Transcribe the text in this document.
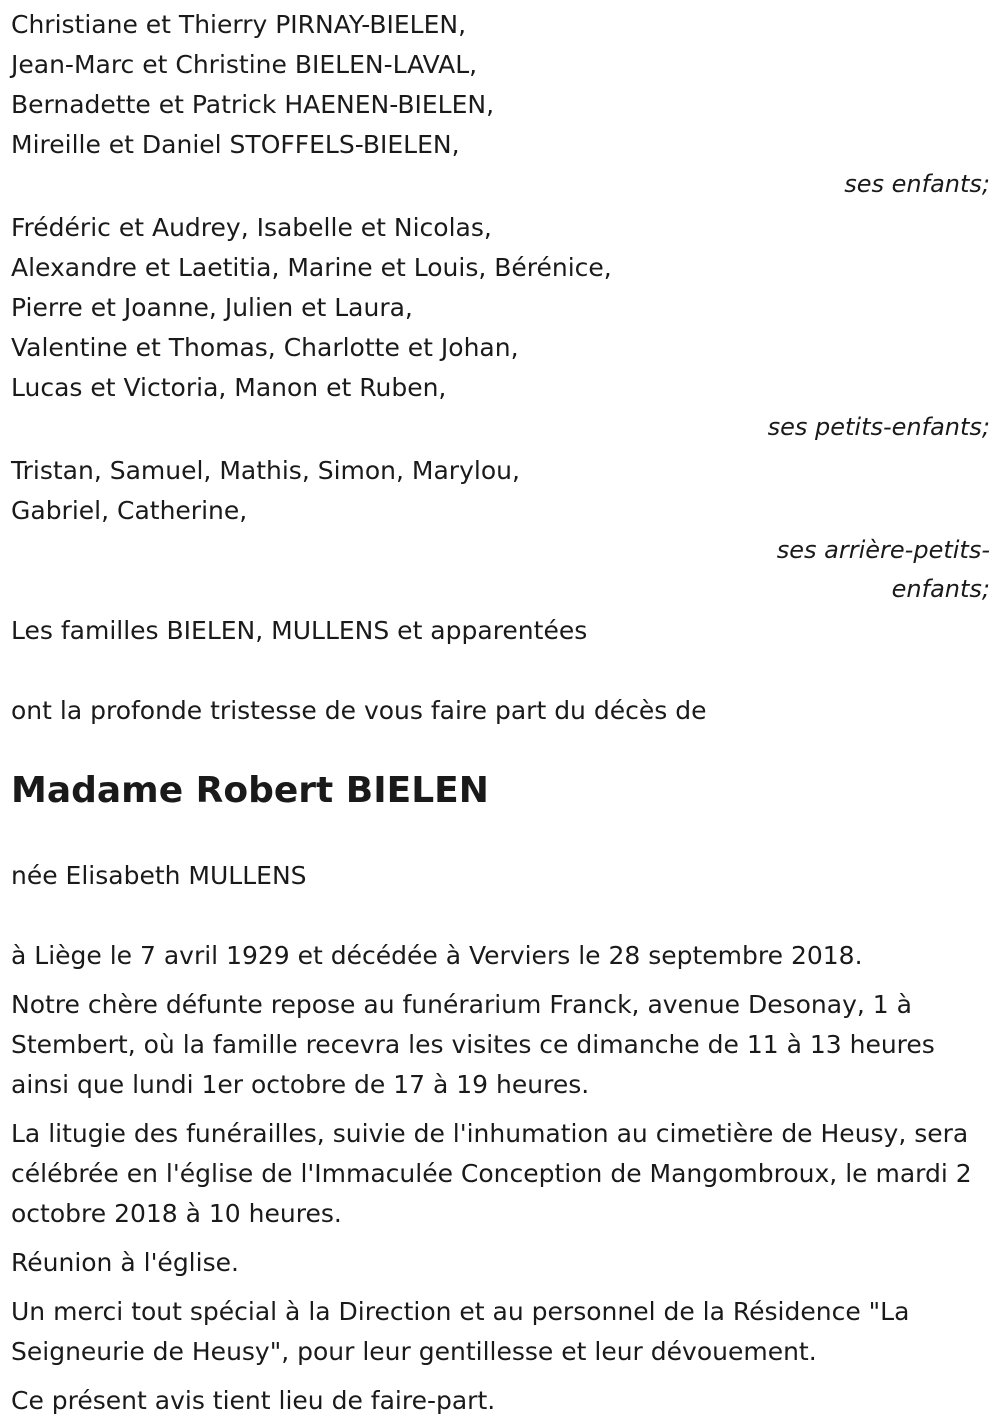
Christiane et Thierry PIRNAY-BIELEN,
Jean-Marc et Christine BIELEN-LAVAL,
Bernadette et Patrick HAENEN-BIELEN,
Mireille et Daniel STOFFELS-BIELEN,
ses enfants;
Frédéric et Audrey, Isabelle et Nicolas,
Alexandre et Laetitia, Marine et Louis, Bérénice,
Pierre et Joanne, Julien et Laura,
Valentine et Thomas, Charlotte et Johan,
Lucas et Victoria, Manon et Ruben,
ses petits-enfants;
Tristan, Samuel, Mathis, Simon, Marylou,
Gabriel, Catherine,
ses arrière-petits-
enfants;
Les familles BIELEN, MULLENS et apparentées
ont la profonde tristesse de vous faire part du décès de
Madame Robert BIELEN
née Elisabeth MULLENS
à Liège le 7 avril 1929 et décédée à Verviers le 28 septembre 2018.
Notre chère défunte repose au funérarium Franck, avenue Desonay, 1 à Stembert, où la famille recevra les visites ce dimanche de 11 à 13 heures ainsi que lundi 1er octobre de 17 à 19 heures.
La litugie des funérailles, suivie de l'inhumation au cimetière de Heusy, sera célébrée en l'église de l'Immaculée Conception de Mangombroux, le mardi 2 octobre 2018 à 10 heures.
Réunion à l'église.
Un merci tout spécial à la Direction et au personnel de la Résidence "La Seigneurie de Heusy", pour leur gentillesse et leur dévouement.
Ce présent avis tient lieu de faire-part.
